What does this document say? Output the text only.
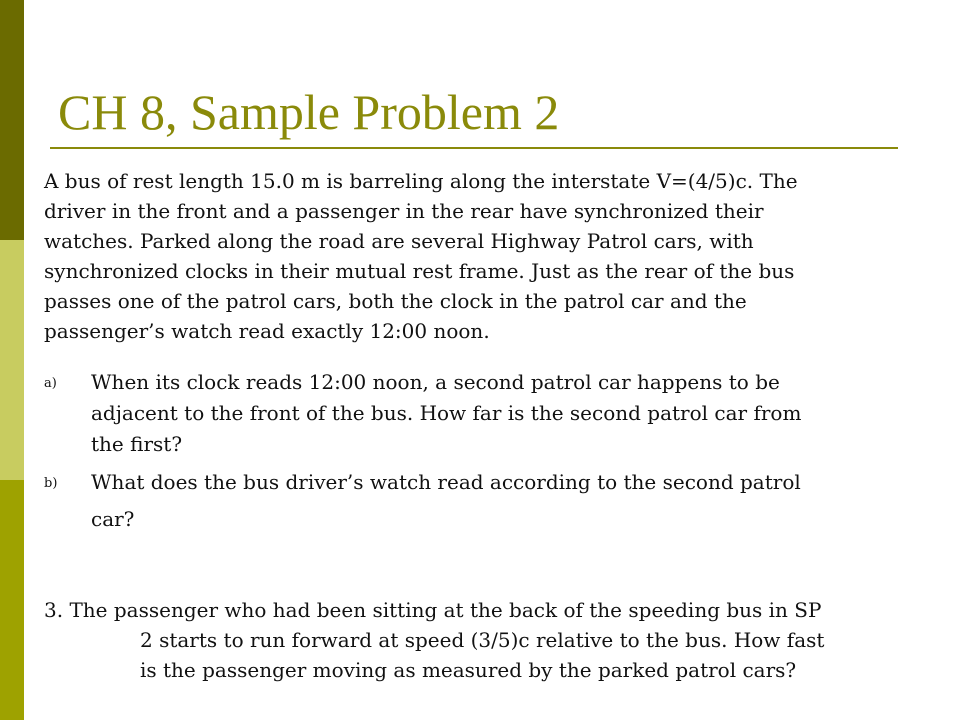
CH 8, Sample Problem 2
A bus of rest length 15.0 m is barreling along the interstate V=(4/5)c. The
driver in the front and a passenger in the rear have synchronized their
watches. Parked along the road are several Highway Patrol cars, with
synchronized clocks in their mutual rest frame. Just as the rear of the bus
passes one of the patrol cars, both the clock in the patrol car and the
passenger’s watch read exactly 12:00 noon.
a) When its clock reads 12:00 noon, a second patrol car happens to be
adjacent to the front of the bus. How far is the second patrol car from
the first?
b) What does the bus driver’s watch read according to the second patrol
car?
3. The passenger who had been sitting at the back of the speeding bus in SP
2 starts to run forward at speed (3/5)c relative to the bus. How fast
is the passenger moving as measured by the parked patrol cars?
